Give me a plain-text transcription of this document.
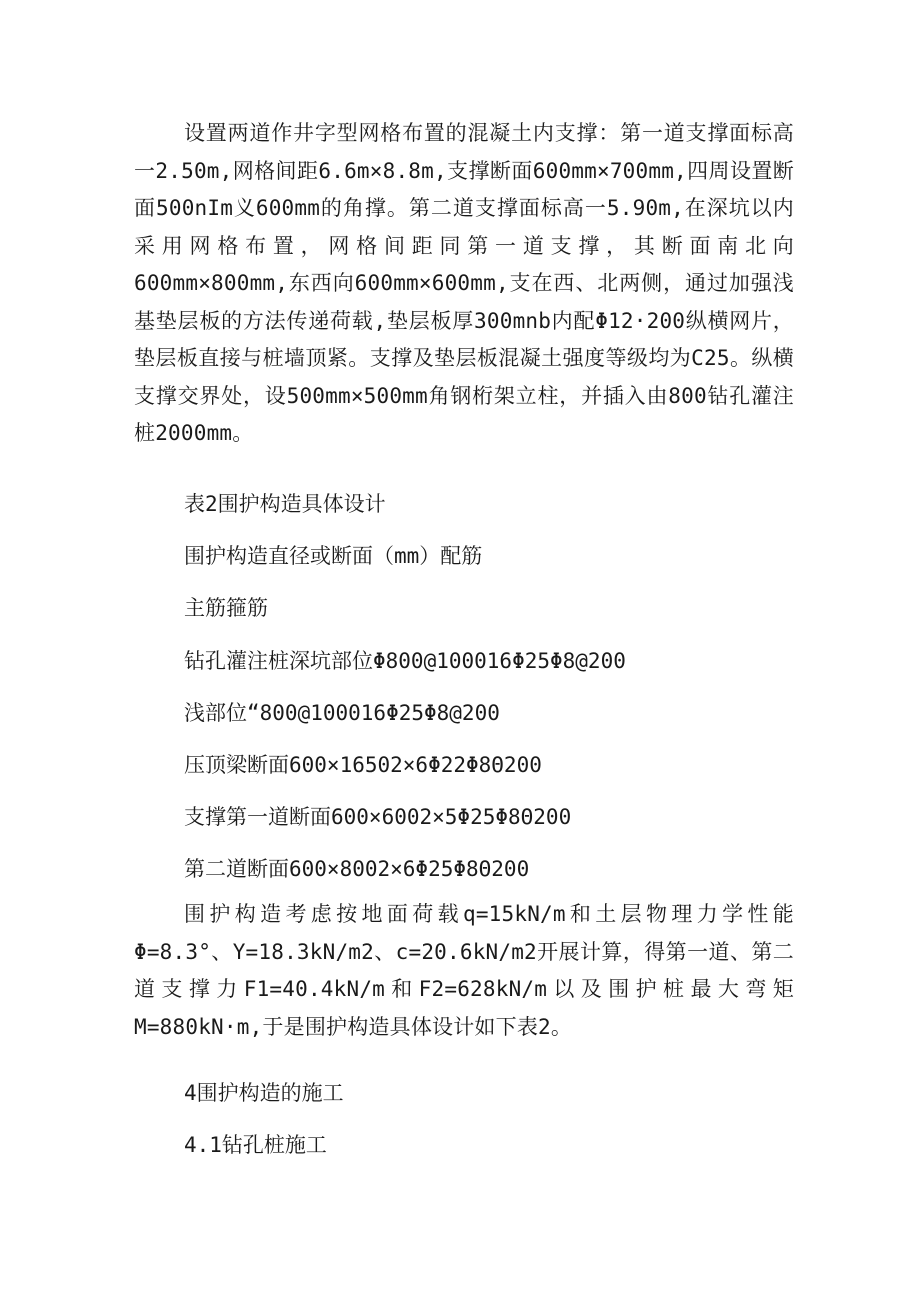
设置两道作井字型网格布置的混凝土内支撑：第一道支撑面标高一2.50m,网格间距6.6m×8.8m,支撑断面600mm×700mm,四周设置断面500nIm义600mm的角撑。第二道支撑面标高一5.90m,在深坑以内采用网格布置，网格间距同第一道支撑，其断面南北向600mm×800mm,东西向600mm×600mm,支在西、北两侧，通过加强浅基垫层板的方法传递荷载,垫层板厚300mnb内配Φ12·200纵横网片，垫层板直接与桩墙顶紧。支撑及垫层板混凝土强度等级均为C25。纵横支撑交界处，设500mm×500mm角钢桁架立柱，并插入由800钻孔灌注桩2000mm。

表2围护构造具体设计

围护构造直径或断面（mm）配筋

主筋箍筋

钻孔灌注桩深坑部位Φ800@100016Φ25Φ8@200

浅部位“800@100016Φ25Φ8@200

压顶梁断面600×16502×6Φ22Φ8Θ200

支撑第一道断面600×6002×5Φ25Φ8Θ200

第二道断面600×8002×6Φ25Φ8Θ200

围护构造考虑按地面荷载q=15kN/m和土层物理力学性能Φ=8.3°、Y=18.3kN/m2、c=20.6kN/m2开展计算，得第一道、第二道支撑力F1=40.4kN/m和F2=628kN/m以及围护桩最大弯矩M=880kN·m,于是围护构造具体设计如下表2。

4围护构造的施工

4.1钻孔桩施工
